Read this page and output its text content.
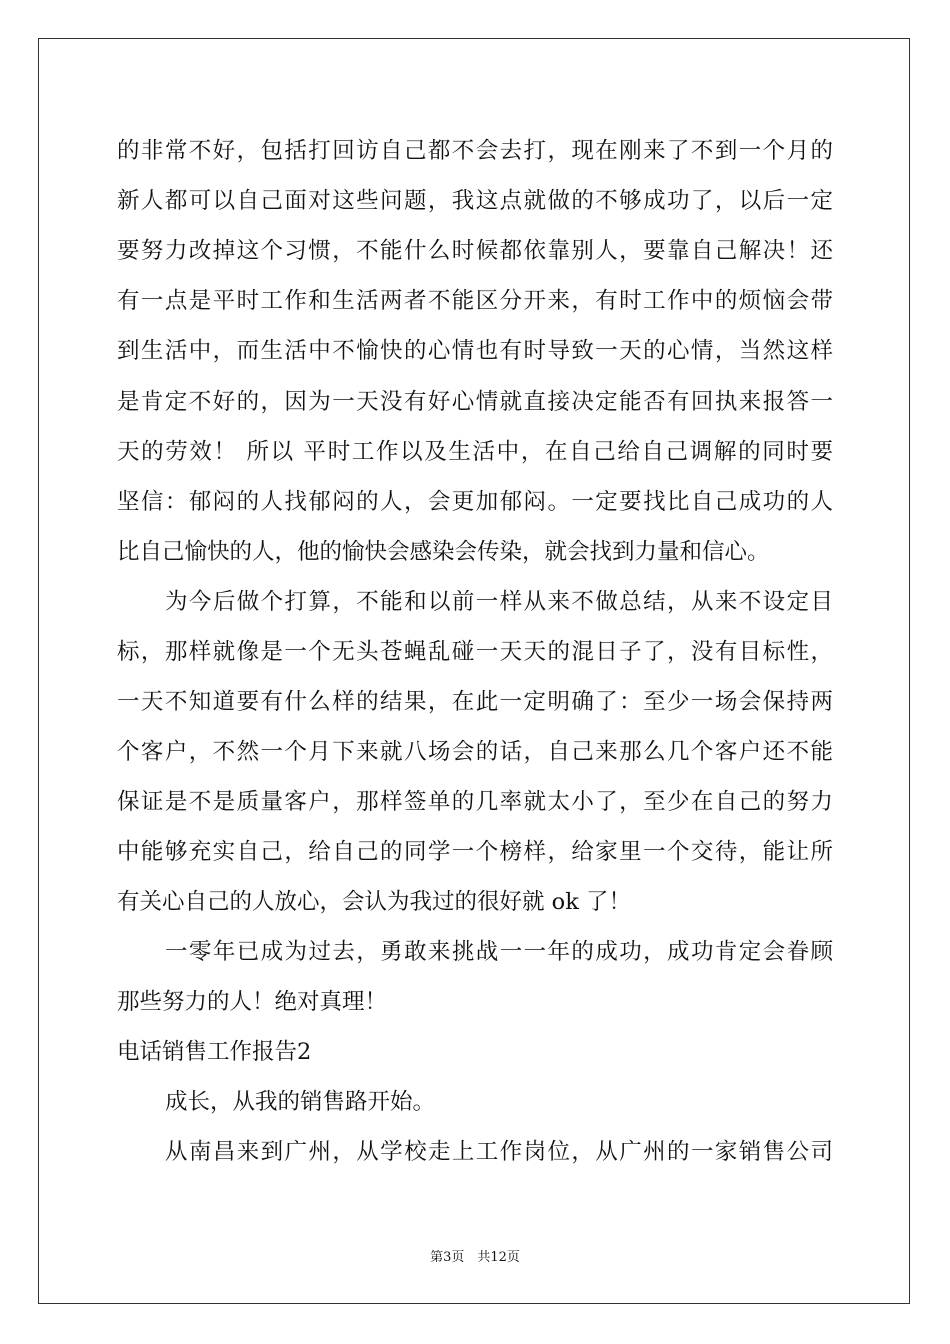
的非常不好，包括打回访自己都不会去打，现在刚来了不到一个月的
新人都可以自己面对这些问题，我这点就做的不够成功了，以后一定
要努力改掉这个习惯，不能什么时候都依靠别人，要靠自己解决！还
有一点是平时工作和生活两者不能区分开来，有时工作中的烦恼会带
到生活中，而生活中不愉快的心情也有时导致一天的心情，当然这样
是肯定不好的，因为一天没有好心情就直接决定能否有回执来报答一
天的劳效！ 所以 平时工作以及生活中，在自己给自己调解的同时要
坚信：郁闷的人找郁闷的人，会更加郁闷。一定要找比自己成功的人
比自己愉快的人，他的愉快会感染会传染，就会找到力量和信心。
为今后做个打算，不能和以前一样从来不做总结，从来不设定目
标，那样就像是一个无头苍蝇乱碰一天天的混日子了，没有目标性，
一天不知道要有什么样的结果，在此一定明确了：至少一场会保持两
个客户，不然一个月下来就八场会的话，自己来那么几个客户还不能
保证是不是质量客户，那样签单的几率就太小了，至少在自己的努力
中能够充实自己，给自己的同学一个榜样，给家里一个交待，能让所
有关心自己的人放心，会认为我过的很好就 ok 了！
一零年已成为过去，勇敢来挑战一一年的成功，成功肯定会眷顾
那些努力的人！绝对真理！
电话销售工作报告2
成长，从我的销售路开始。
从南昌来到广州，从学校走上工作岗位，从广州的一家销售公司
第3页　共12页
